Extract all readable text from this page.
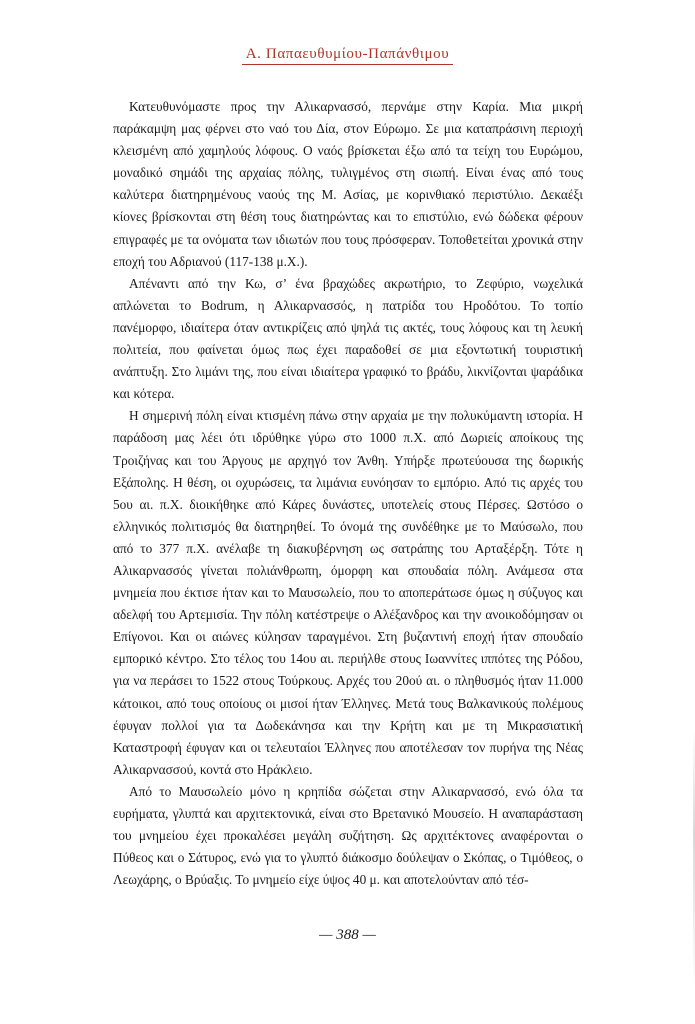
Α. Παπαευθυμίου-Παπάνθιμου

Κατευθυνόμαστε προς την Αλικαρνασσό, περνάμε στην Καρία. Μια μικρή παράκαμψη μας φέρνει στο ναό του Δία, στον Εύρωμο. Σε μια καταπράσινη περιοχή κλεισμένη από χαμηλούς λόφους. Ο ναός βρίσκεται έξω από τα τείχη του Ευρώμου, μοναδικό σημάδι της αρχαίας πόλης, τυλιγμένος στη σιωπή. Είναι ένας από τους καλύτερα διατηρημένους ναούς της Μ. Ασίας, με κορινθιακό περιστύλιο. Δεκαέξι κίονες βρίσκονται στη θέση τους διατηρώντας και το επιστύλιο, ενώ δώδεκα φέρουν επιγραφές με τα ονόματα των ιδιωτών που τους πρόσφεραν. Τοποθετείται χρονικά στην εποχή του Αδριανού (117-138 μ.Χ.).

Απέναντι από την Κω, σ’ ένα βραχώδες ακρωτήριο, το Ζεφύριο, νωχελικά απλώνεται το Bodrum, η Αλικαρνασσός, η πατρίδα του Ηροδότου. Το τοπίο πανέμορφο, ιδιαίτερα όταν αντικρίζεις από ψηλά τις ακτές, τους λόφους και τη λευκή πολιτεία, που φαίνεται όμως πως έχει παραδοθεί σε μια εξοντωτική τουριστική ανάπτυξη. Στο λιμάνι της, που είναι ιδιαίτερα γραφικό το βράδυ, λικνίζονται ψαράδικα και κότερα.

Η σημερινή πόλη είναι κτισμένη πάνω στην αρχαία με την πολυκύμαντη ιστορία. Η παράδοση μας λέει ότι ιδρύθηκε γύρω στο 1000 π.Χ. από Δωριείς αποίκους της Τροιζήνας και του Άργους με αρχηγό τον Άνθη. Υπήρξε πρωτεύουσα της δωρικής Εξάπολης. Η θέση, οι οχυρώσεις, τα λιμάνια ευνόησαν το εμπόριο. Από τις αρχές του 5ου αι. π.Χ. διοικήθηκε από Κάρες δυνάστες, υποτελείς στους Πέρσες. Ωστόσο ο ελληνικός πολιτισμός θα διατηρηθεί. Το όνομά της συνδέθηκε με το Μαύσωλο, που από το 377 π.Χ. ανέλαβε τη διακυβέρνηση ως σατράπης του Αρταξέρξη. Τότε η Αλικαρνασσός γίνεται πολιάνθρωπη, όμορφη και σπουδαία πόλη. Ανάμεσα στα μνημεία που έκτισε ήταν και το Μαυσωλείο, που το αποπεράτωσε όμως η σύζυγος και αδελφή του Αρτεμισία. Την πόλη κατέστρεψε ο Αλέξανδρος και την ανοικοδόμησαν οι Επίγονοι. Και οι αιώνες κύλησαν ταραγμένοι. Στη βυζαντινή εποχή ήταν σπουδαίο εμπορικό κέντρο. Στο τέλος του 14ου αι. περιήλθε στους Ιωαννίτες ιππότες της Ρόδου, για να περάσει το 1522 στους Τούρκους. Αρχές του 20ού αι. ο πληθυσμός ήταν 11.000 κάτοικοι, από τους οποίους οι μισοί ήταν Έλληνες. Μετά τους Βαλκανικούς πολέμους έφυγαν πολλοί για τα Δωδεκάνησα και την Κρήτη και με τη Μικρασιατική Καταστροφή έφυγαν και οι τελευταίοι Έλληνες που αποτέλεσαν τον πυρήνα της Νέας Αλικαρνασσού, κοντά στο Ηράκλειο.

Από το Μαυσωλείο μόνο η κρηπίδα σώζεται στην Αλικαρνασσό, ενώ όλα τα ευρήματα, γλυπτά και αρχιτεκτονικά, είναι στο Βρετανικό Μουσείο. Η αναπαράσταση του μνημείου έχει προκαλέσει μεγάλη συζήτηση. Ως αρχιτέκτονες αναφέρονται ο Πύθεος και ο Σάτυρος, ενώ για το γλυπτό διάκοσμο δούλεψαν ο Σκόπας, ο Τιμόθεος, ο Λεωχάρης, ο Βρύαξις. Το μνημείο είχε ύψος 40 μ. και αποτελούνταν από τέσ-

— 388 —
